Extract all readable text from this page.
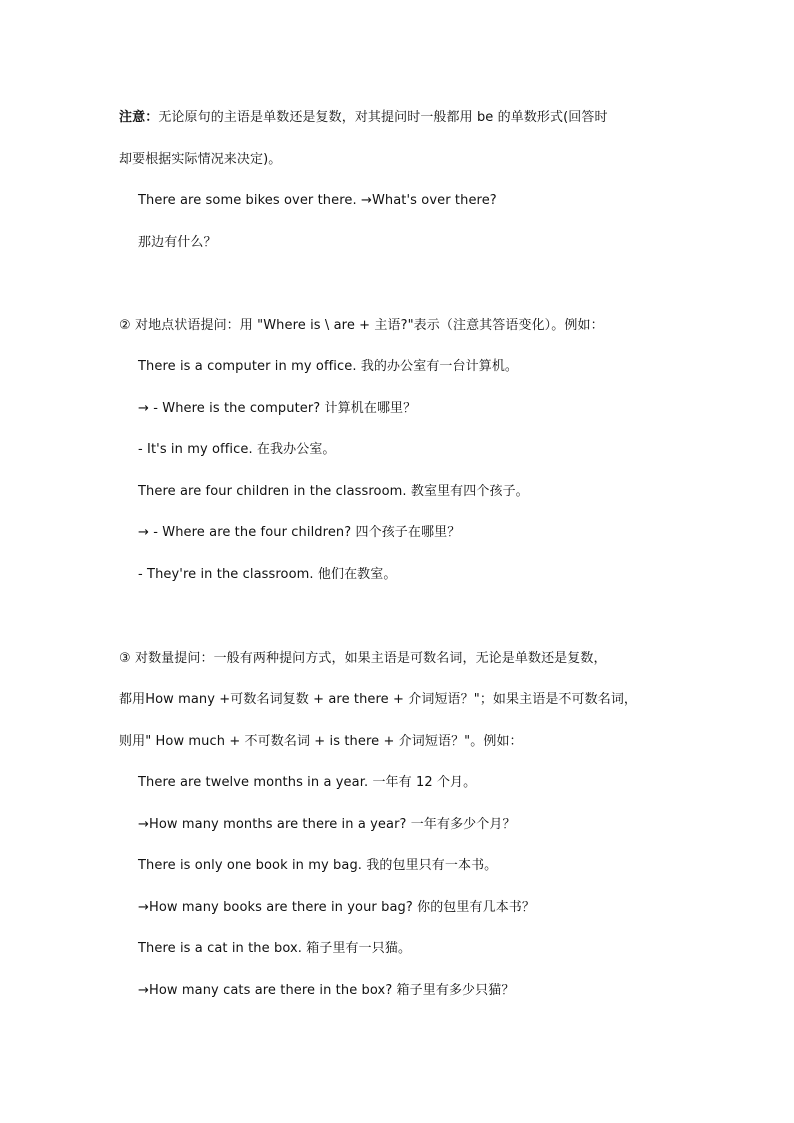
注意：无论原句的主语是单数还是复数，对其提问时一般都用 be 的单数形式(回答时
却要根据实际情况来决定)。
There are some bikes over there. →What's over there?
那边有什么？
② 对地点状语提问：用 "Where is \ are + 主语?"表示（注意其答语变化）。例如：
There is a computer in my office. 我的办公室有一台计算机。
→ - Where is the computer? 计算机在哪里？
- It's in my office. 在我办公室。
There are four children in the classroom. 教室里有四个孩子。
→ - Where are the four children? 四个孩子在哪里？
- They're in the classroom. 他们在教室。
③ 对数量提问：一般有两种提问方式，如果主语是可数名词，无论是单数还是复数，
都用How many +可数名词复数 + are there + 介词短语？"；如果主语是不可数名词，
则用" How much + 不可数名词 + is there + 介词短语？"。例如：
There are twelve months in a year. 一年有 12 个月。
→How many months are there in a year? 一年有多少个月？
There is only one book in my bag. 我的包里只有一本书。
→How many books are there in your bag? 你的包里有几本书？
There is a cat in the box. 箱子里有一只猫。
→How many cats are there in the box? 箱子里有多少只猫？
